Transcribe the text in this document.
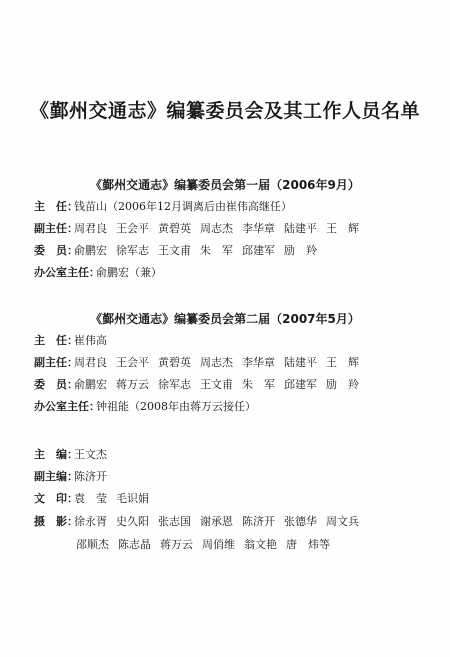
《鄞州交通志》编纂委员会及其工作人员名单
《鄞州交通志》编纂委员会第一届（2006年9月）
主　任：
钱苗山（2006年12月调离后由崔伟高继任）
副主任：
周君良 王会平 黄碧英 周志杰 李华章 陆建平 王　辉
委　员：
俞鹏宏 徐军志 王文甫 朱　军 邱建军 励　羚
办公室主任：
俞鹏宏（兼）
《鄞州交通志》编纂委员会第二届（2007年5月）
主　任：
崔伟高
副主任：
周君良 王会平 黄碧英 周志杰 李华章 陆建平 王　辉
委　员：
俞鹏宏 蒋万云 徐军志 王文甫 朱　军 邱建军 励　羚
办公室主任：
钟祖能（2008年由蒋万云接任）
主　编：
王文杰
副主编：
陈济开
文　印：
袁　莹 毛识娟
摄　影：
徐永胥 史久阳 张志国 谢承恩 陈济开 张德华 周文兵
邵顺杰 陈志晶 蒋万云 周俏维 翁文艳 唐　炜等
